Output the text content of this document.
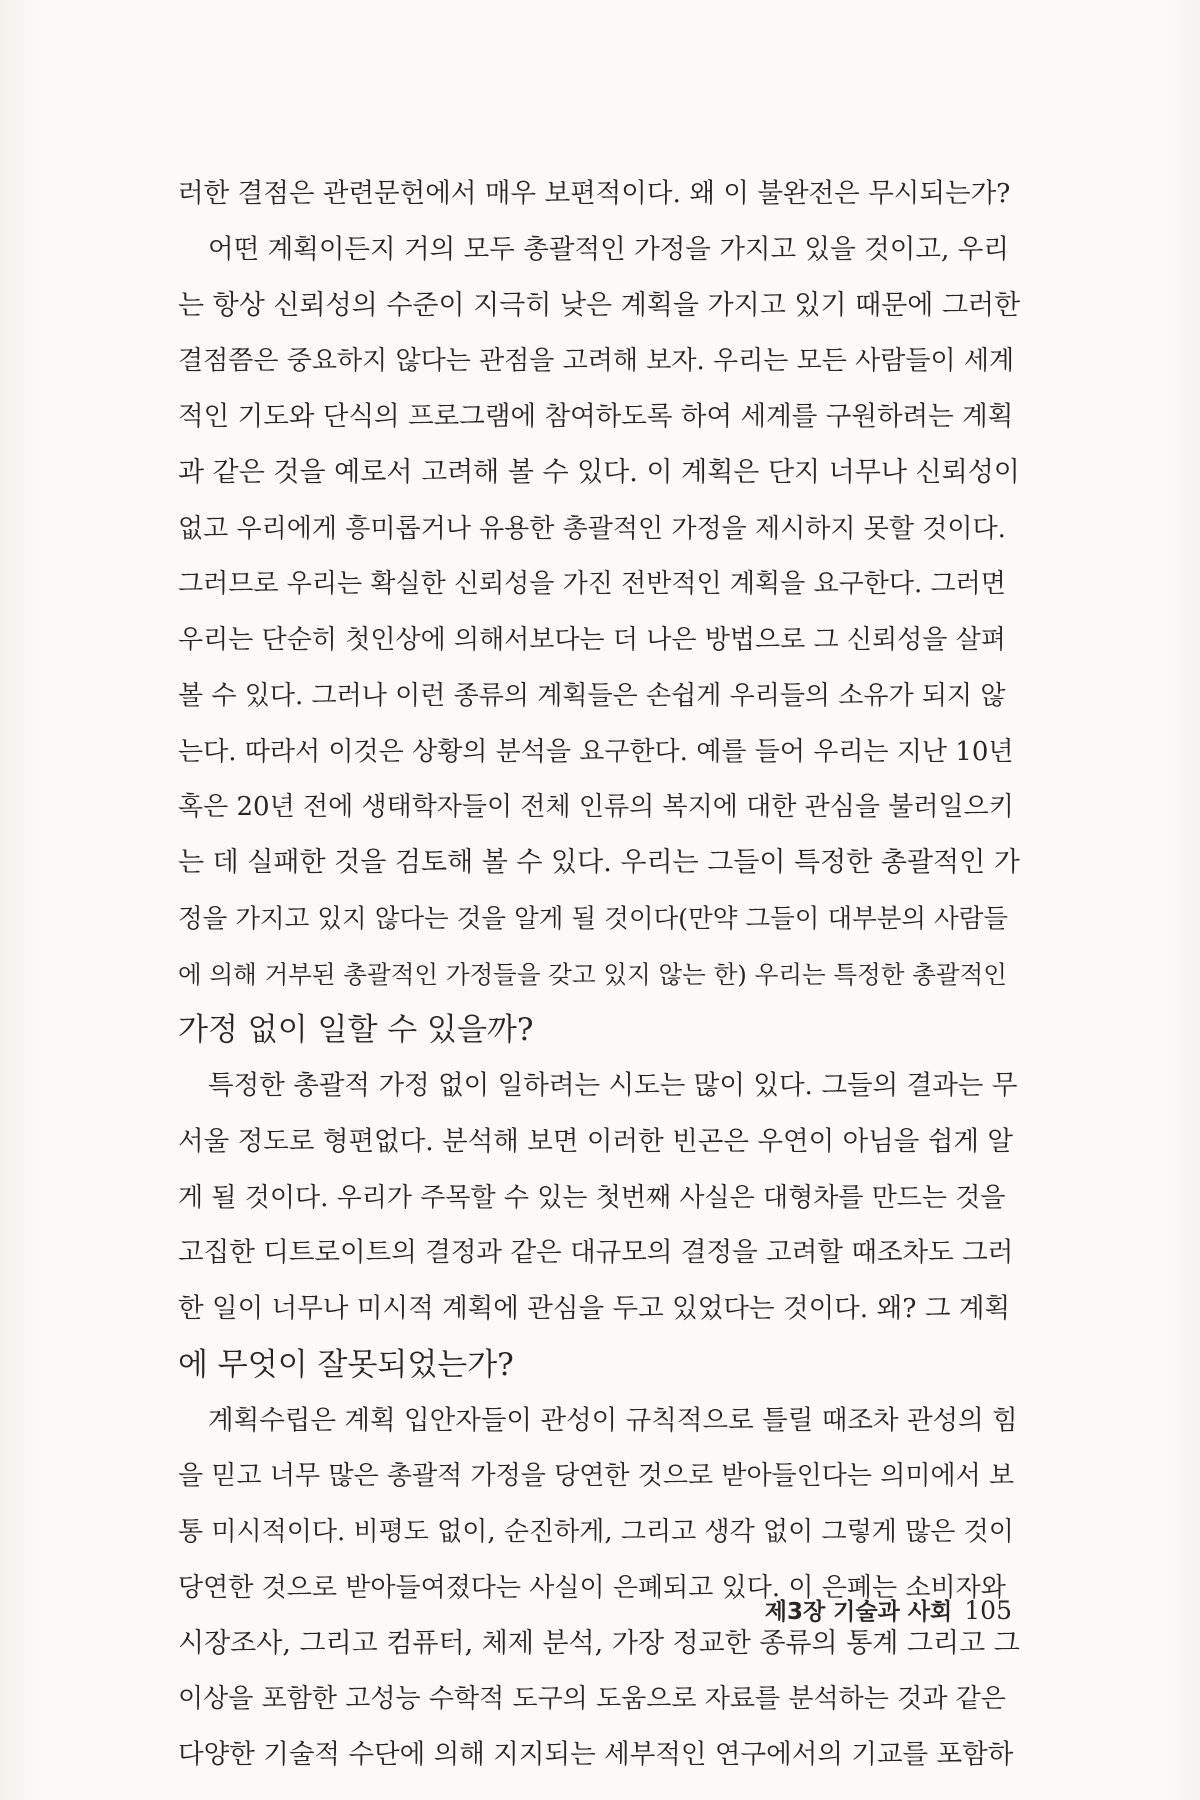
러한 결점은 관련문헌에서 매우 보편적이다. 왜 이 불완전은 무시되는가?
어떤 계획이든지 거의 모두 총괄적인 가정을 가지고 있을 것이고, 우리
는 항상 신뢰성의 수준이 지극히 낮은 계획을 가지고 있기 때문에 그러한
결점쯤은 중요하지 않다는 관점을 고려해 보자. 우리는 모든 사람들이 세계
적인 기도와 단식의 프로그램에 참여하도록 하여 세계를 구원하려는 계획
과 같은 것을 예로서 고려해 볼 수 있다. 이 계획은 단지 너무나 신뢰성이
없고 우리에게 흥미롭거나 유용한 총괄적인 가정을 제시하지 못할 것이다.
그러므로 우리는 확실한 신뢰성을 가진 전반적인 계획을 요구한다. 그러면
우리는 단순히 첫인상에 의해서보다는 더 나은 방법으로 그 신뢰성을 살펴
볼 수 있다. 그러나 이런 종류의 계획들은 손쉽게 우리들의 소유가 되지 않
는다. 따라서 이것은 상황의 분석을 요구한다. 예를 들어 우리는 지난 10년
혹은 20년 전에 생태학자들이 전체 인류의 복지에 대한 관심을 불러일으키
는 데 실패한 것을 검토해 볼 수 있다. 우리는 그들이 특정한 총괄적인 가
정을 가지고 있지 않다는 것을 알게 될 것이다(만약 그들이 대부분의 사람들
에 의해 거부된 총괄적인 가정들을 갖고 있지 않는 한) 우리는 특정한 총괄적인
가정 없이 일할 수 있을까?
특정한 총괄적 가정 없이 일하려는 시도는 많이 있다. 그들의 결과는 무
서울 정도로 형편없다. 분석해 보면 이러한 빈곤은 우연이 아님을 쉽게 알
게 될 것이다. 우리가 주목할 수 있는 첫번째 사실은 대형차를 만드는 것을
고집한 디트로이트의 결정과 같은 대규모의 결정을 고려할 때조차도 그러
한 일이 너무나 미시적 계획에 관심을 두고 있었다는 것이다. 왜? 그 계획
에 무엇이 잘못되었는가?
계획수립은 계획 입안자들이 관성이 규칙적으로 틀릴 때조차 관성의 힘
을 믿고 너무 많은 총괄적 가정을 당연한 것으로 받아들인다는 의미에서 보
통 미시적이다. 비평도 없이, 순진하게, 그리고 생각 없이 그렇게 많은 것이
당연한 것으로 받아들여졌다는 사실이 은폐되고 있다. 이 은폐는 소비자와
시장조사, 그리고 컴퓨터, 체제 분석, 가장 정교한 종류의 통계 그리고 그
이상을 포함한 고성능 수학적 도구의 도움으로 자료를 분석하는 것과 같은
다양한 기술적 수단에 의해 지지되는 세부적인 연구에서의 기교를 포함하
제3장 기술과 사회 105
